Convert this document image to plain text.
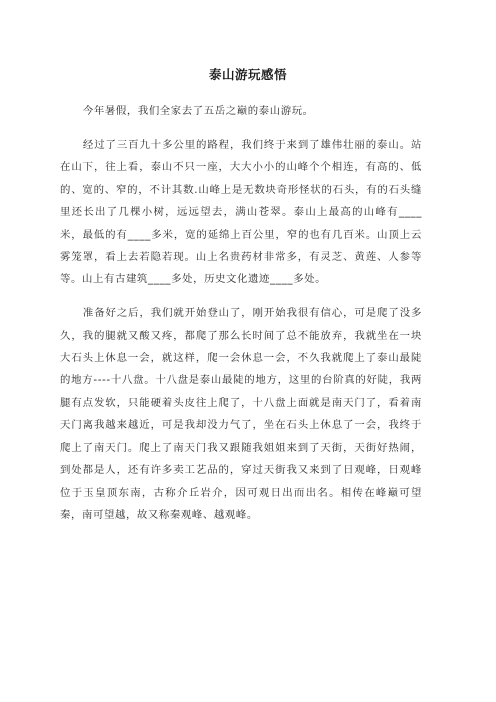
泰山游玩感悟

今年暑假，我们全家去了五岳之巅的泰山游玩。

经过了三百九十多公里的路程，我们终于来到了雄伟壮丽的泰山。站在山下，往上看，泰山不只一座，大大小小的山峰个个相连，有高的、低的、宽的、窄的，不计其数.山峰上是无数块奇形怪状的石头，有的石头缝里还长出了几棵小树，远远望去，满山苍翠。泰山上最高的山峰有____米，最低的有____多米，宽的延绵上百公里，窄的也有几百米。山顶上云雾笼罩，看上去若隐若现。山上名贵药材非常多，有灵芝、黄莲、人参等等。山上有古建筑____多处，历史文化遗迹____多处。

准备好之后，我们就开始登山了，刚开始我很有信心，可是爬了没多久，我的腿就又酸又疼，都爬了那么长时间了总不能放弃，我就坐在一块大石头上休息一会，就这样，爬一会休息一会，不久我就爬上了泰山最陡的地方----十八盘。十八盘是泰山最陡的地方，这里的台阶真的好陡，我两腿有点发软，只能硬着头皮往上爬了，十八盘上面就是南天门了，看着南天门离我越来越近，可是我却没力气了，坐在石头上休息了一会，我终于爬上了南天门。爬上了南天门我又跟随我姐姐来到了天街，天街好热闹，到处都是人，还有许多卖工艺品的，穿过天街我又来到了日观峰，日观峰位于玉皇顶东南，古称介丘岩介，因可观日出而出名。相传在峰巅可望秦，南可望越，故又称秦观峰、越观峰。
